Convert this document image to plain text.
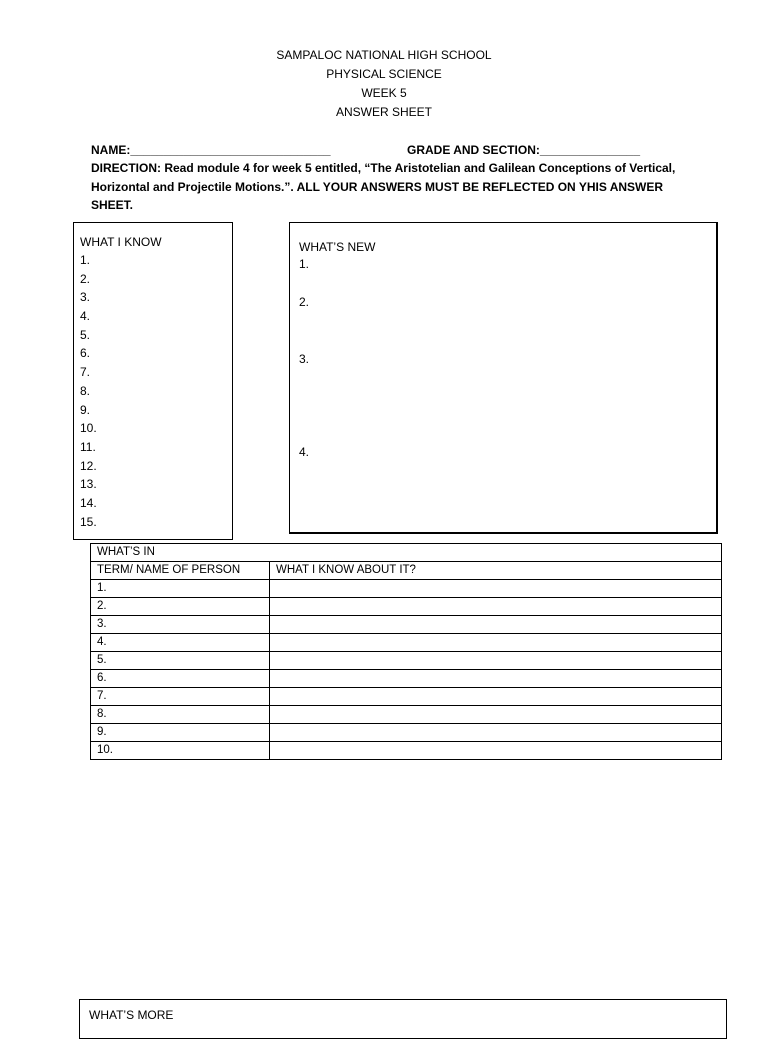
SAMPALOC NATIONAL HIGH SCHOOL
PHYSICAL SCIENCE
WEEK 5
ANSWER SHEET
NAME:______________________________	GRADE AND SECTION:_______________
DIRECTION: Read module 4 for week 5 entitled, “The Aristotelian and Galilean Conceptions of Vertical, Horizontal and Projectile Motions.”. ALL YOUR ANSWERS MUST BE REFLECTED ON YHIS ANSWER SHEET.
WHAT I KNOW
1.
2.
3.
4.
5.
6.
7.
8.
9.
10.
11.
12.
13.
14.
15.
WHAT’S NEW
1.
2.
3.
4.
WHAT’S IN	
TERM/ NAME OF PERSON	WHAT I KNOW ABOUT IT?
1.	
2.	
3.	
4.	
5.	
6.	
7.	
8.	
9.	
10.	
WHAT’S MORE
